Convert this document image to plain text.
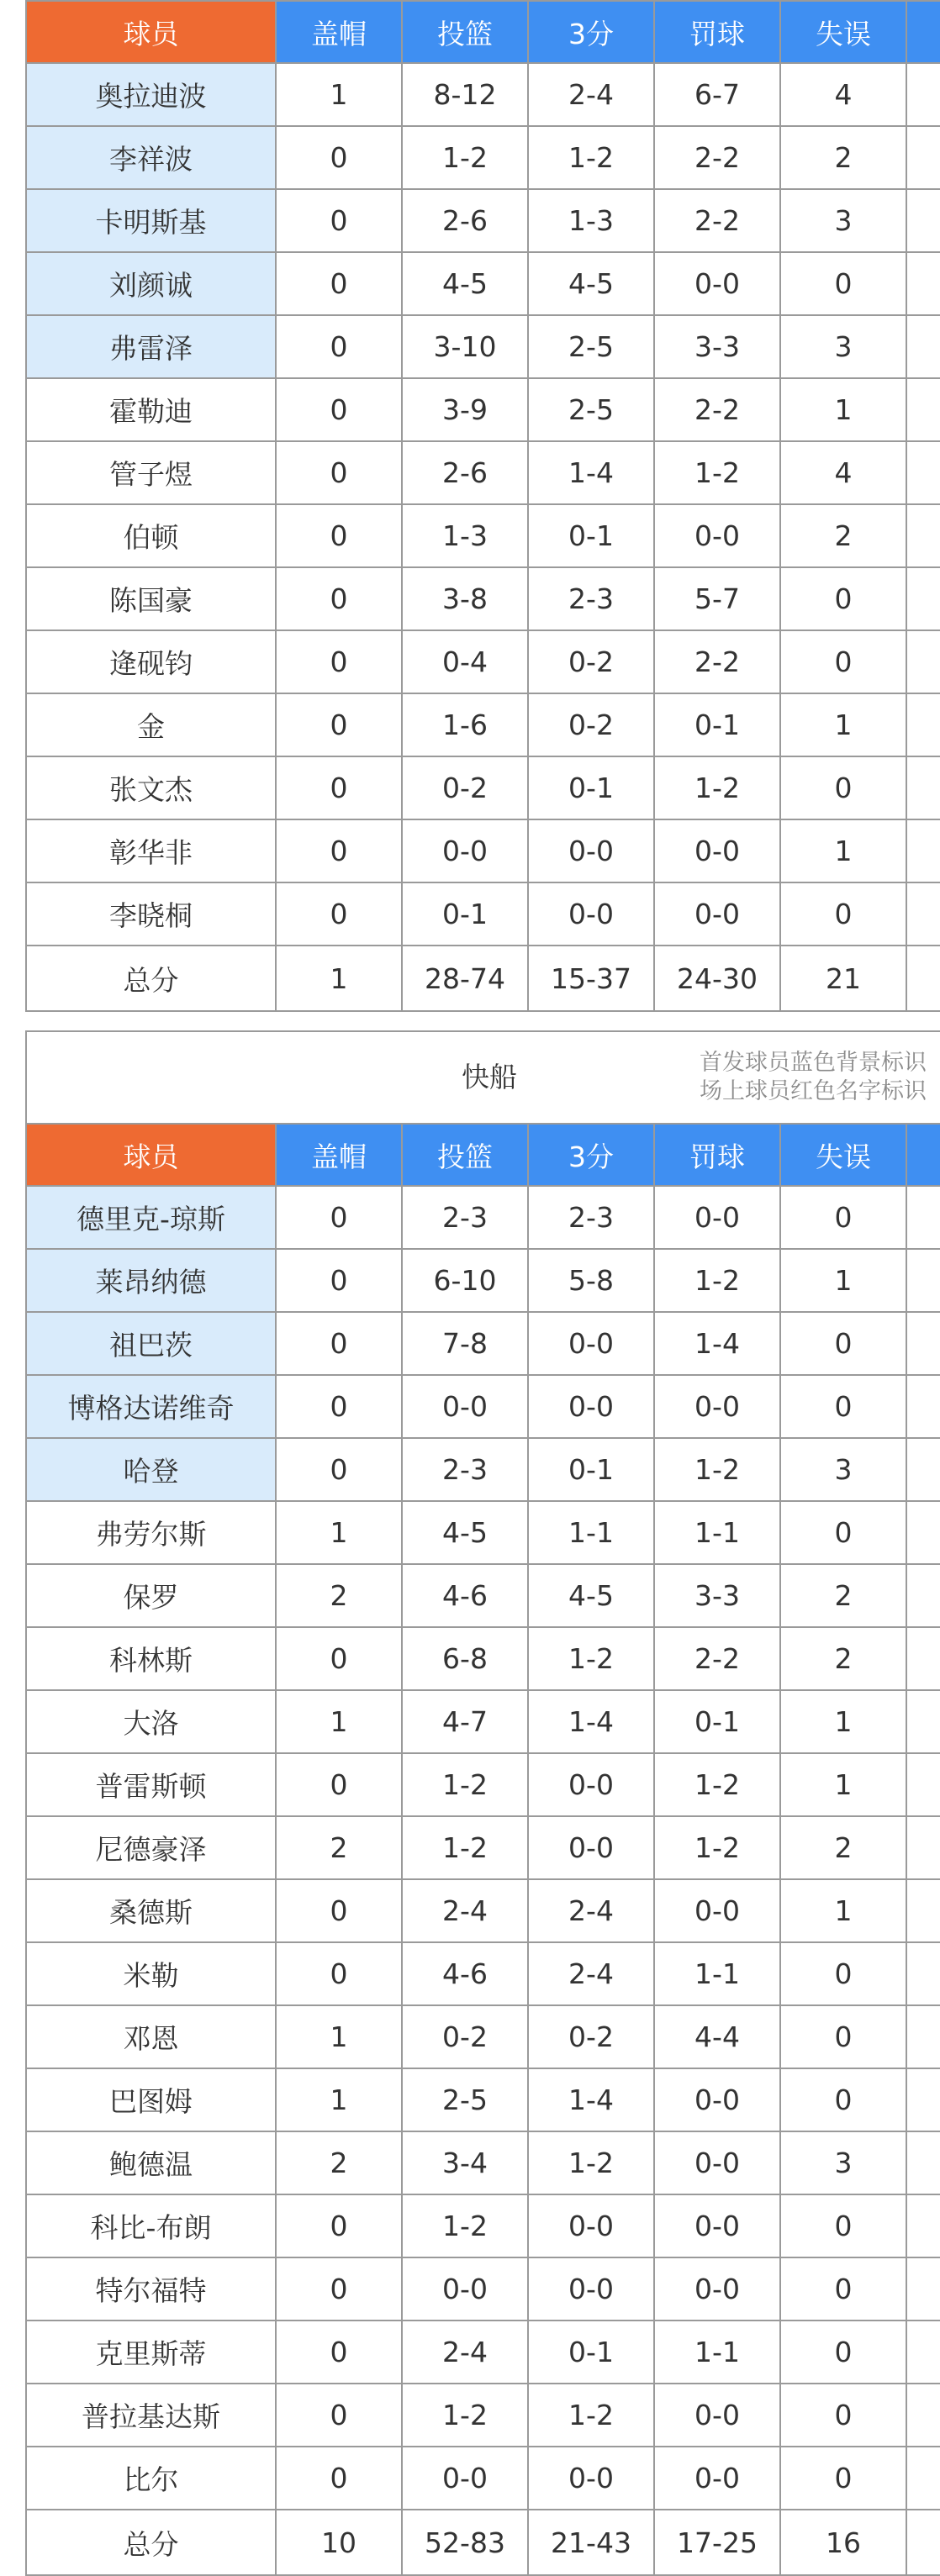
球员	盖帽	投篮	3分	罚球	失误	
奥拉迪波	1	8-12	2-4	6-7	4	
李祥波	0	1-2	1-2	2-2	2	
卡明斯基	0	2-6	1-3	2-2	3	
刘颜诚	0	4-5	4-5	0-0	0	
弗雷泽	0	3-10	2-5	3-3	3	
霍勒迪	0	3-9	2-5	2-2	1	
管子煜	0	2-6	1-4	1-2	4	
伯顿	0	1-3	0-1	0-0	2	
陈国豪	0	3-8	2-3	5-7	0	
逄砚钧	0	0-4	0-2	2-2	0	
金	0	1-6	0-2	0-1	1	
张文杰	0	0-2	0-1	1-2	0	
彰华非	0	0-0	0-0	0-0	1	
李晓桐	0	0-1	0-0	0-0	0	
总分	1	28-74	15-37	24-30	21	
快船 首发球员蓝色背景标识
场上球员红色名字标识						

球员	盖帽	投篮	3分	罚球	失误	
德里克-琼斯	0	2-3	2-3	0-0	0	
莱昂纳德	0	6-10	5-8	1-2	1	
祖巴茨	0	7-8	0-0	1-4	0	
博格达诺维奇	0	0-0	0-0	0-0	0	
哈登	0	2-3	0-1	1-2	3	
弗劳尔斯	1	4-5	1-1	1-1	0	
保罗	2	4-6	4-5	3-3	2	
科林斯	0	6-8	1-2	2-2	2	
大洛	1	4-7	1-4	0-1	1	
普雷斯顿	0	1-2	0-0	1-2	1	
尼德豪泽	2	1-2	0-0	1-2	2	
桑德斯	0	2-4	2-4	0-0	1	
米勒	0	4-6	2-4	1-1	0	
邓恩	1	0-2	0-2	4-4	0	
巴图姆	1	2-5	1-4	0-0	0	
鲍德温	2	3-4	1-2	0-0	3	
科比-布朗	0	1-2	0-0	0-0	0	
特尔福特	0	0-0	0-0	0-0	0	
克里斯蒂	0	2-4	0-1	1-1	0	
普拉基达斯	0	1-2	1-2	0-0	0	
比尔	0	0-0	0-0	0-0	0	
总分	10	52-83	21-43	17-25	16	
